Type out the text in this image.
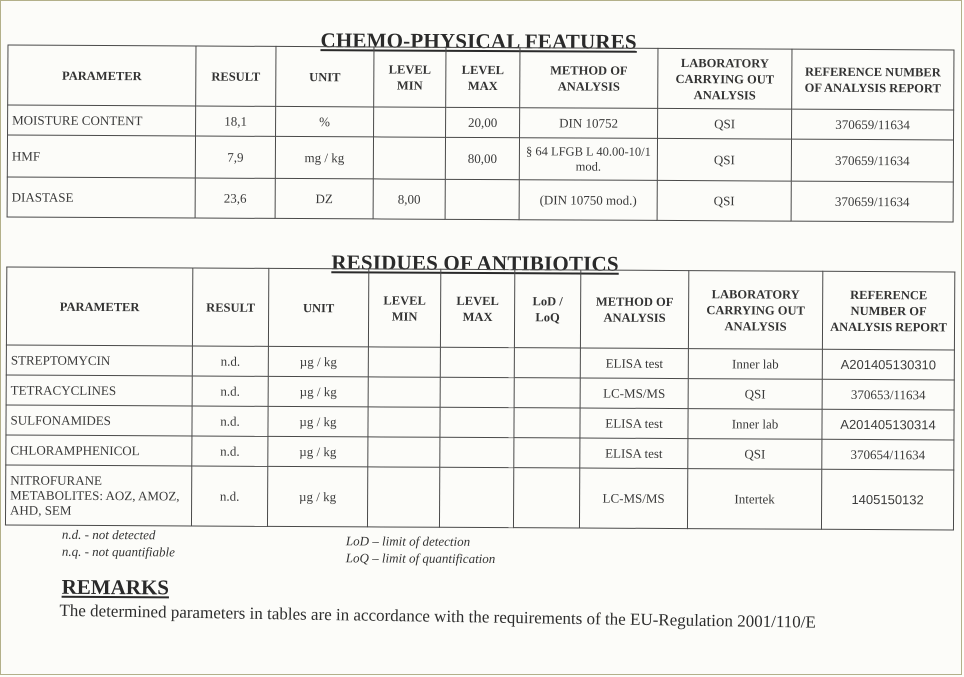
CHEMO-PHYSICAL FEATURES
PARAMETER	RESULT	UNIT	LEVEL MIN	LEVEL MAX	METHOD OF ANALYSIS	LABORATORY CARRYING OUT ANALYSIS	REFERENCE NUMBER OF ANALYSIS REPORT
MOISTURE CONTENT	18,1	%		20,00	DIN 10752	QSI	370659/11634
HMF	7,9	mg / kg		80,00	§ 64 LFGB L 40.00-10/1 mod.	QSI	370659/11634
DIASTASE	23,6	DZ	8,00		(DIN 10750 mod.)	QSI	370659/11634
RESIDUES OF ANTIBIOTICS
PARAMETER	RESULT	UNIT	LEVEL MIN	LEVEL MAX	LoD / LoQ	METHOD OF ANALYSIS	LABORATORY CARRYING OUT ANALYSIS	REFERENCE NUMBER OF ANALYSIS REPORT
STREPTOMYCIN	n.d.	µg / kg				ELISA test	Inner lab	A201405130310
TETRACYCLINES	n.d.	µg / kg				LC-MS/MS	QSI	370653/11634
SULFONAMIDES	n.d.	µg / kg				ELISA test	Inner lab	A201405130314
CHLORAMPHENICOL	n.d.	µg / kg				ELISA test	QSI	370654/11634
NITROFURANE METABOLITES: AOZ, AMOZ, AHD, SEM	n.d.	µg / kg				LC-MS/MS	Intertek	1405150132
n.d. - not detected
n.q. - not quantifiable
LoD – limit of detection
LoQ – limit of quantification
REMARKS
The determined parameters in tables are in accordance with the requirements of the EU-Regulation 2001/110/E
